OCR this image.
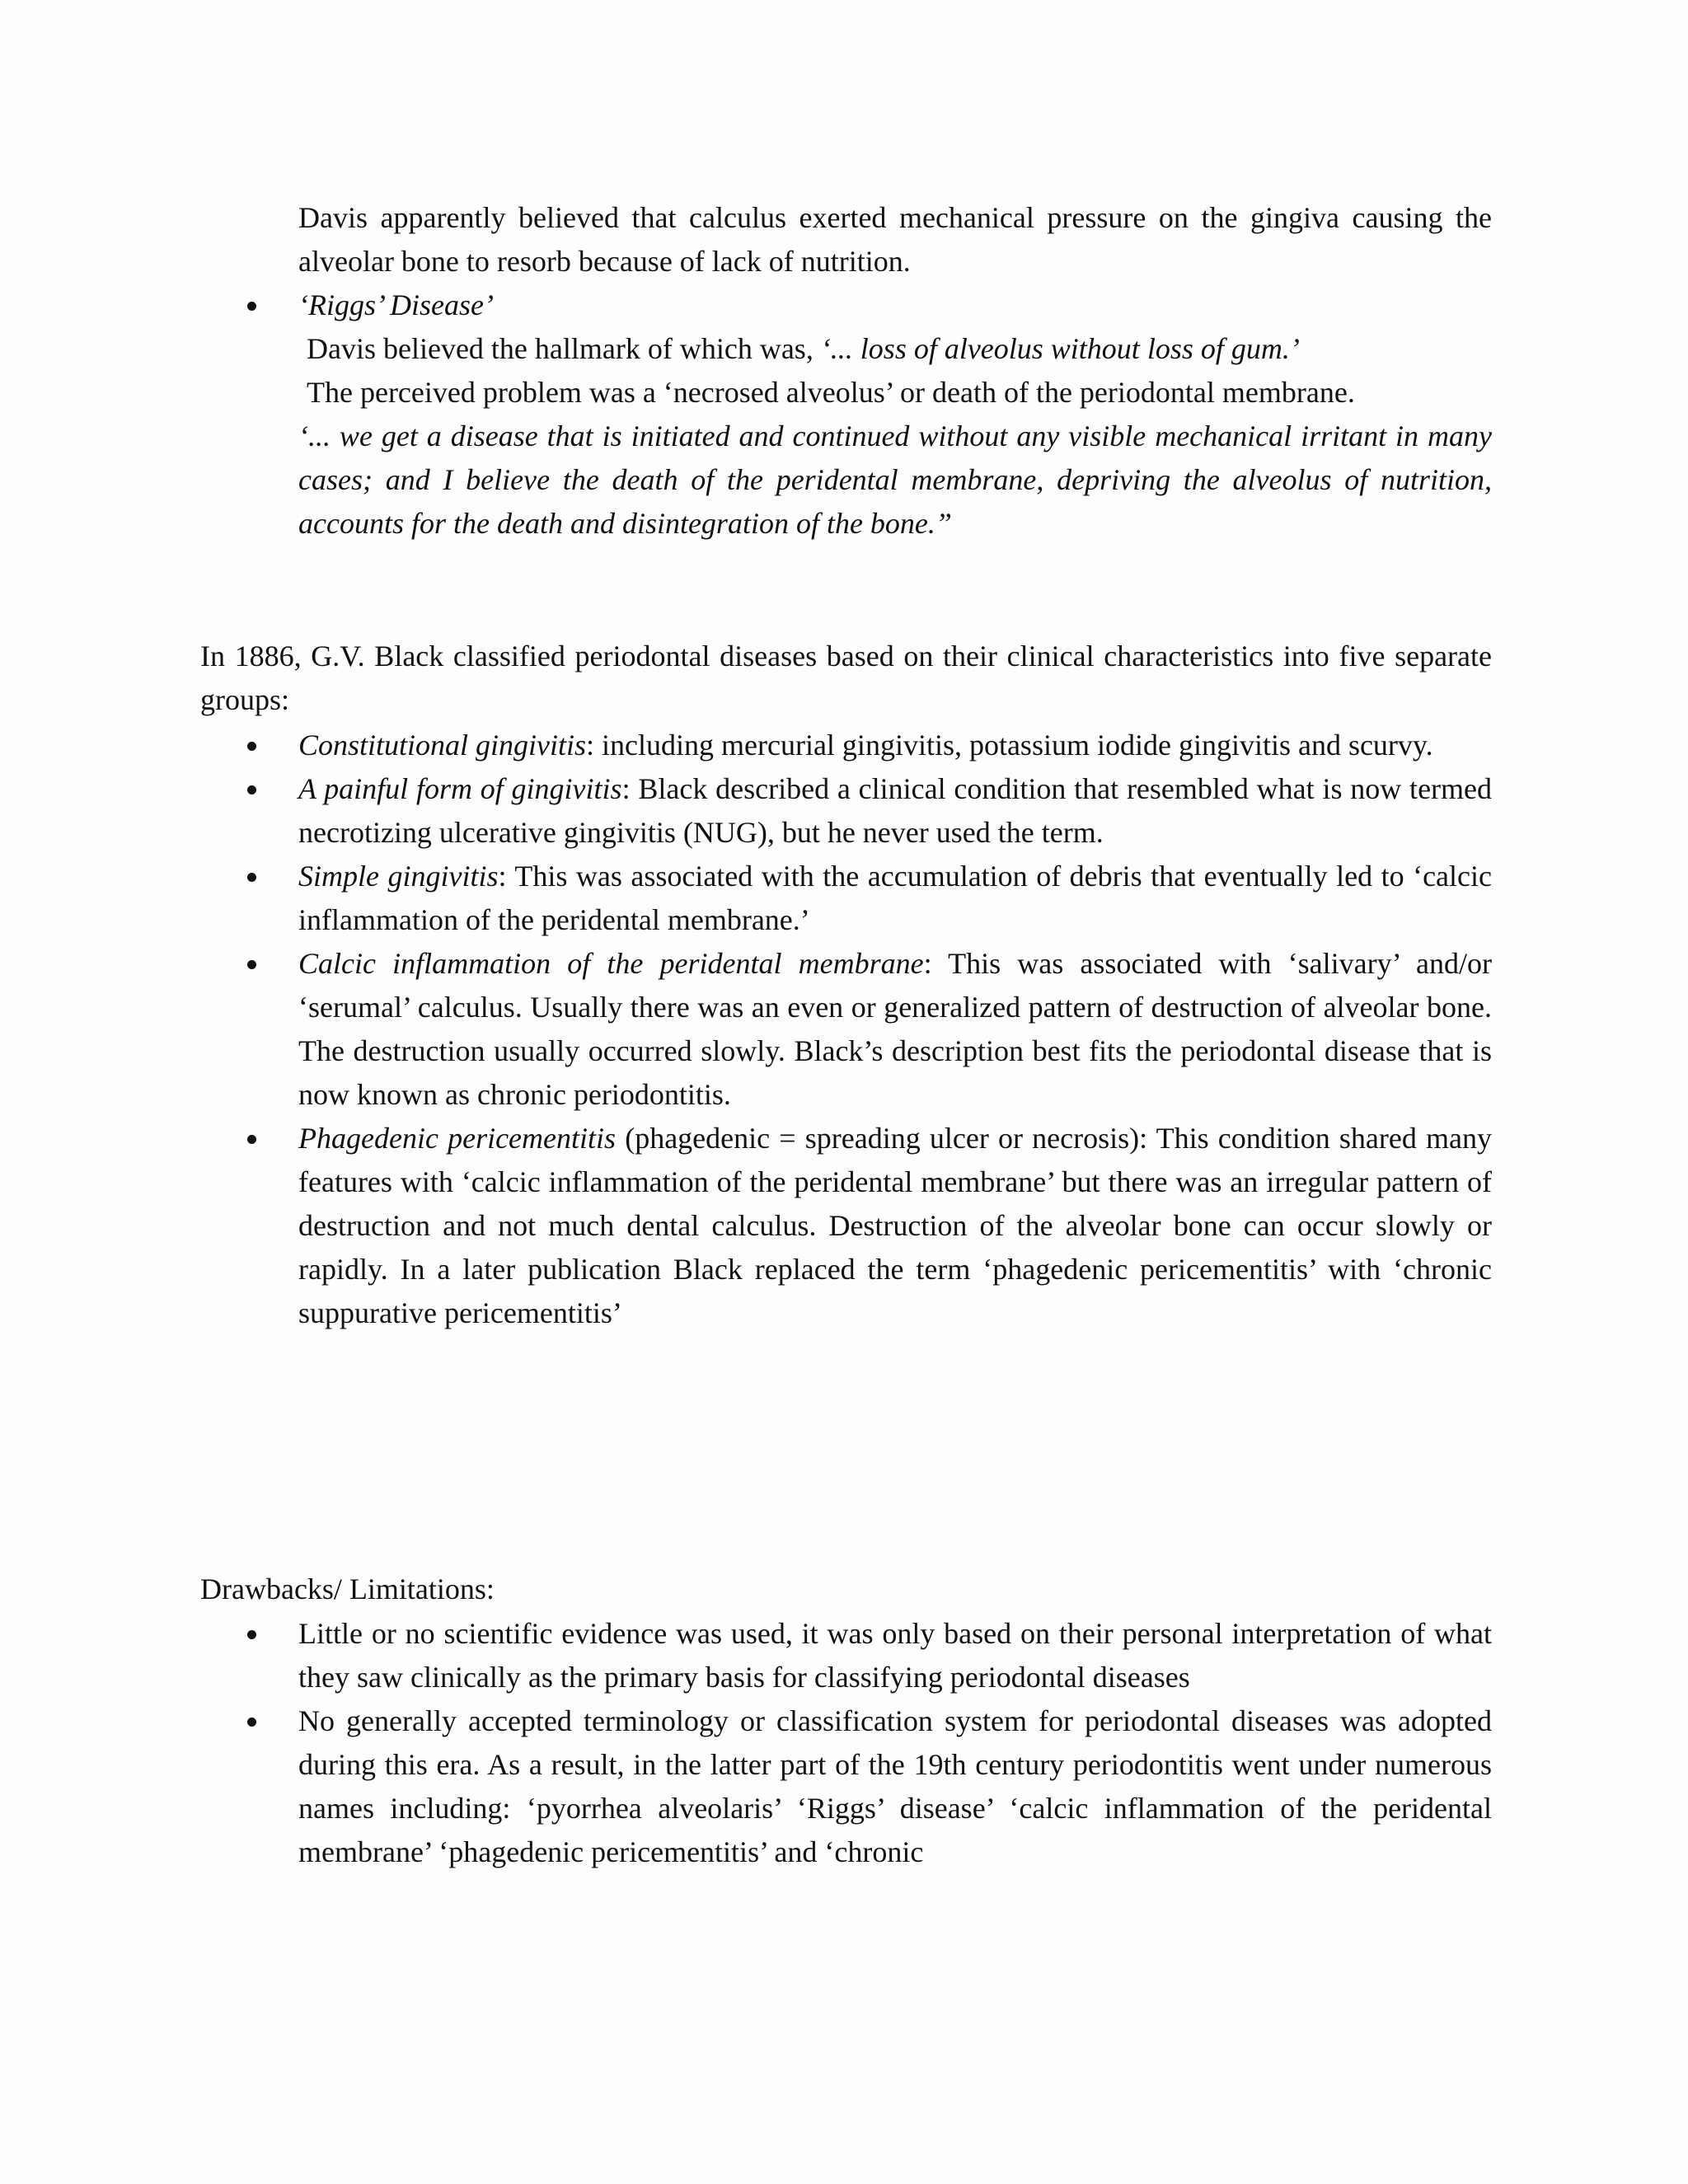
Davis apparently believed that calculus exerted mechanical pressure on the gingiva causing the alveolar bone to resorb because of lack of nutrition.

‘Riggs’ Disease’

Davis believed the hallmark of which was, ‘... loss of alveolus without loss of gum.’

The perceived problem was a ‘necrosed alveolus’ or death of the periodontal membrane.

‘... we get a disease that is initiated and continued without any visible mechanical irritant in many cases; and I believe the death of the peridental membrane, depriving the alveolus of nutrition, accounts for the death and disintegration of the bone.”

In 1886, G.V. Black classified periodontal diseases based on their clinical characteristics into five separate groups:

Constitutional gingivitis: including mercurial gingivitis, potassium iodide gingivitis and scurvy.

A painful form of gingivitis: Black described a clinical condition that resembled what is now termed necrotizing ulcerative gingivitis (NUG), but he never used the term.

Simple gingivitis: This was associated with the accumulation of debris that eventually led to ‘calcic inflammation of the peridental membrane.’

Calcic inflammation of the peridental membrane: This was associated with ‘salivary’ and/or ‘serumal’ calculus. Usually there was an even or generalized pattern of destruction of alveolar bone. The destruction usually occurred slowly. Black’s description best fits the periodontal disease that is now known as chronic periodontitis.

Phagedenic pericementitis (phagedenic = spreading ulcer or necrosis): This condition shared many features with ‘calcic inflammation of the peridental membrane’ but there was an irregular pattern of destruction and not much dental calculus. Destruction of the alveolar bone can occur slowly or rapidly. In a later publication Black replaced the term ‘phagedenic pericementitis’ with ‘chronic suppurative pericementitis’

Drawbacks/ Limitations:

Little or no scientific evidence was used, it was only based on their personal interpretation of what they saw clinically as the primary basis for classifying periodontal diseases

No generally accepted terminology or classification system for periodontal diseases was adopted during this era. As a result, in the latter part of the 19th century periodontitis went under numerous names including: ‘pyorrhea alveolaris’ ‘Riggs’ disease’ ‘calcic inflammation of the peridental membrane’ ‘phagedenic pericementitis’ and ‘chronic
